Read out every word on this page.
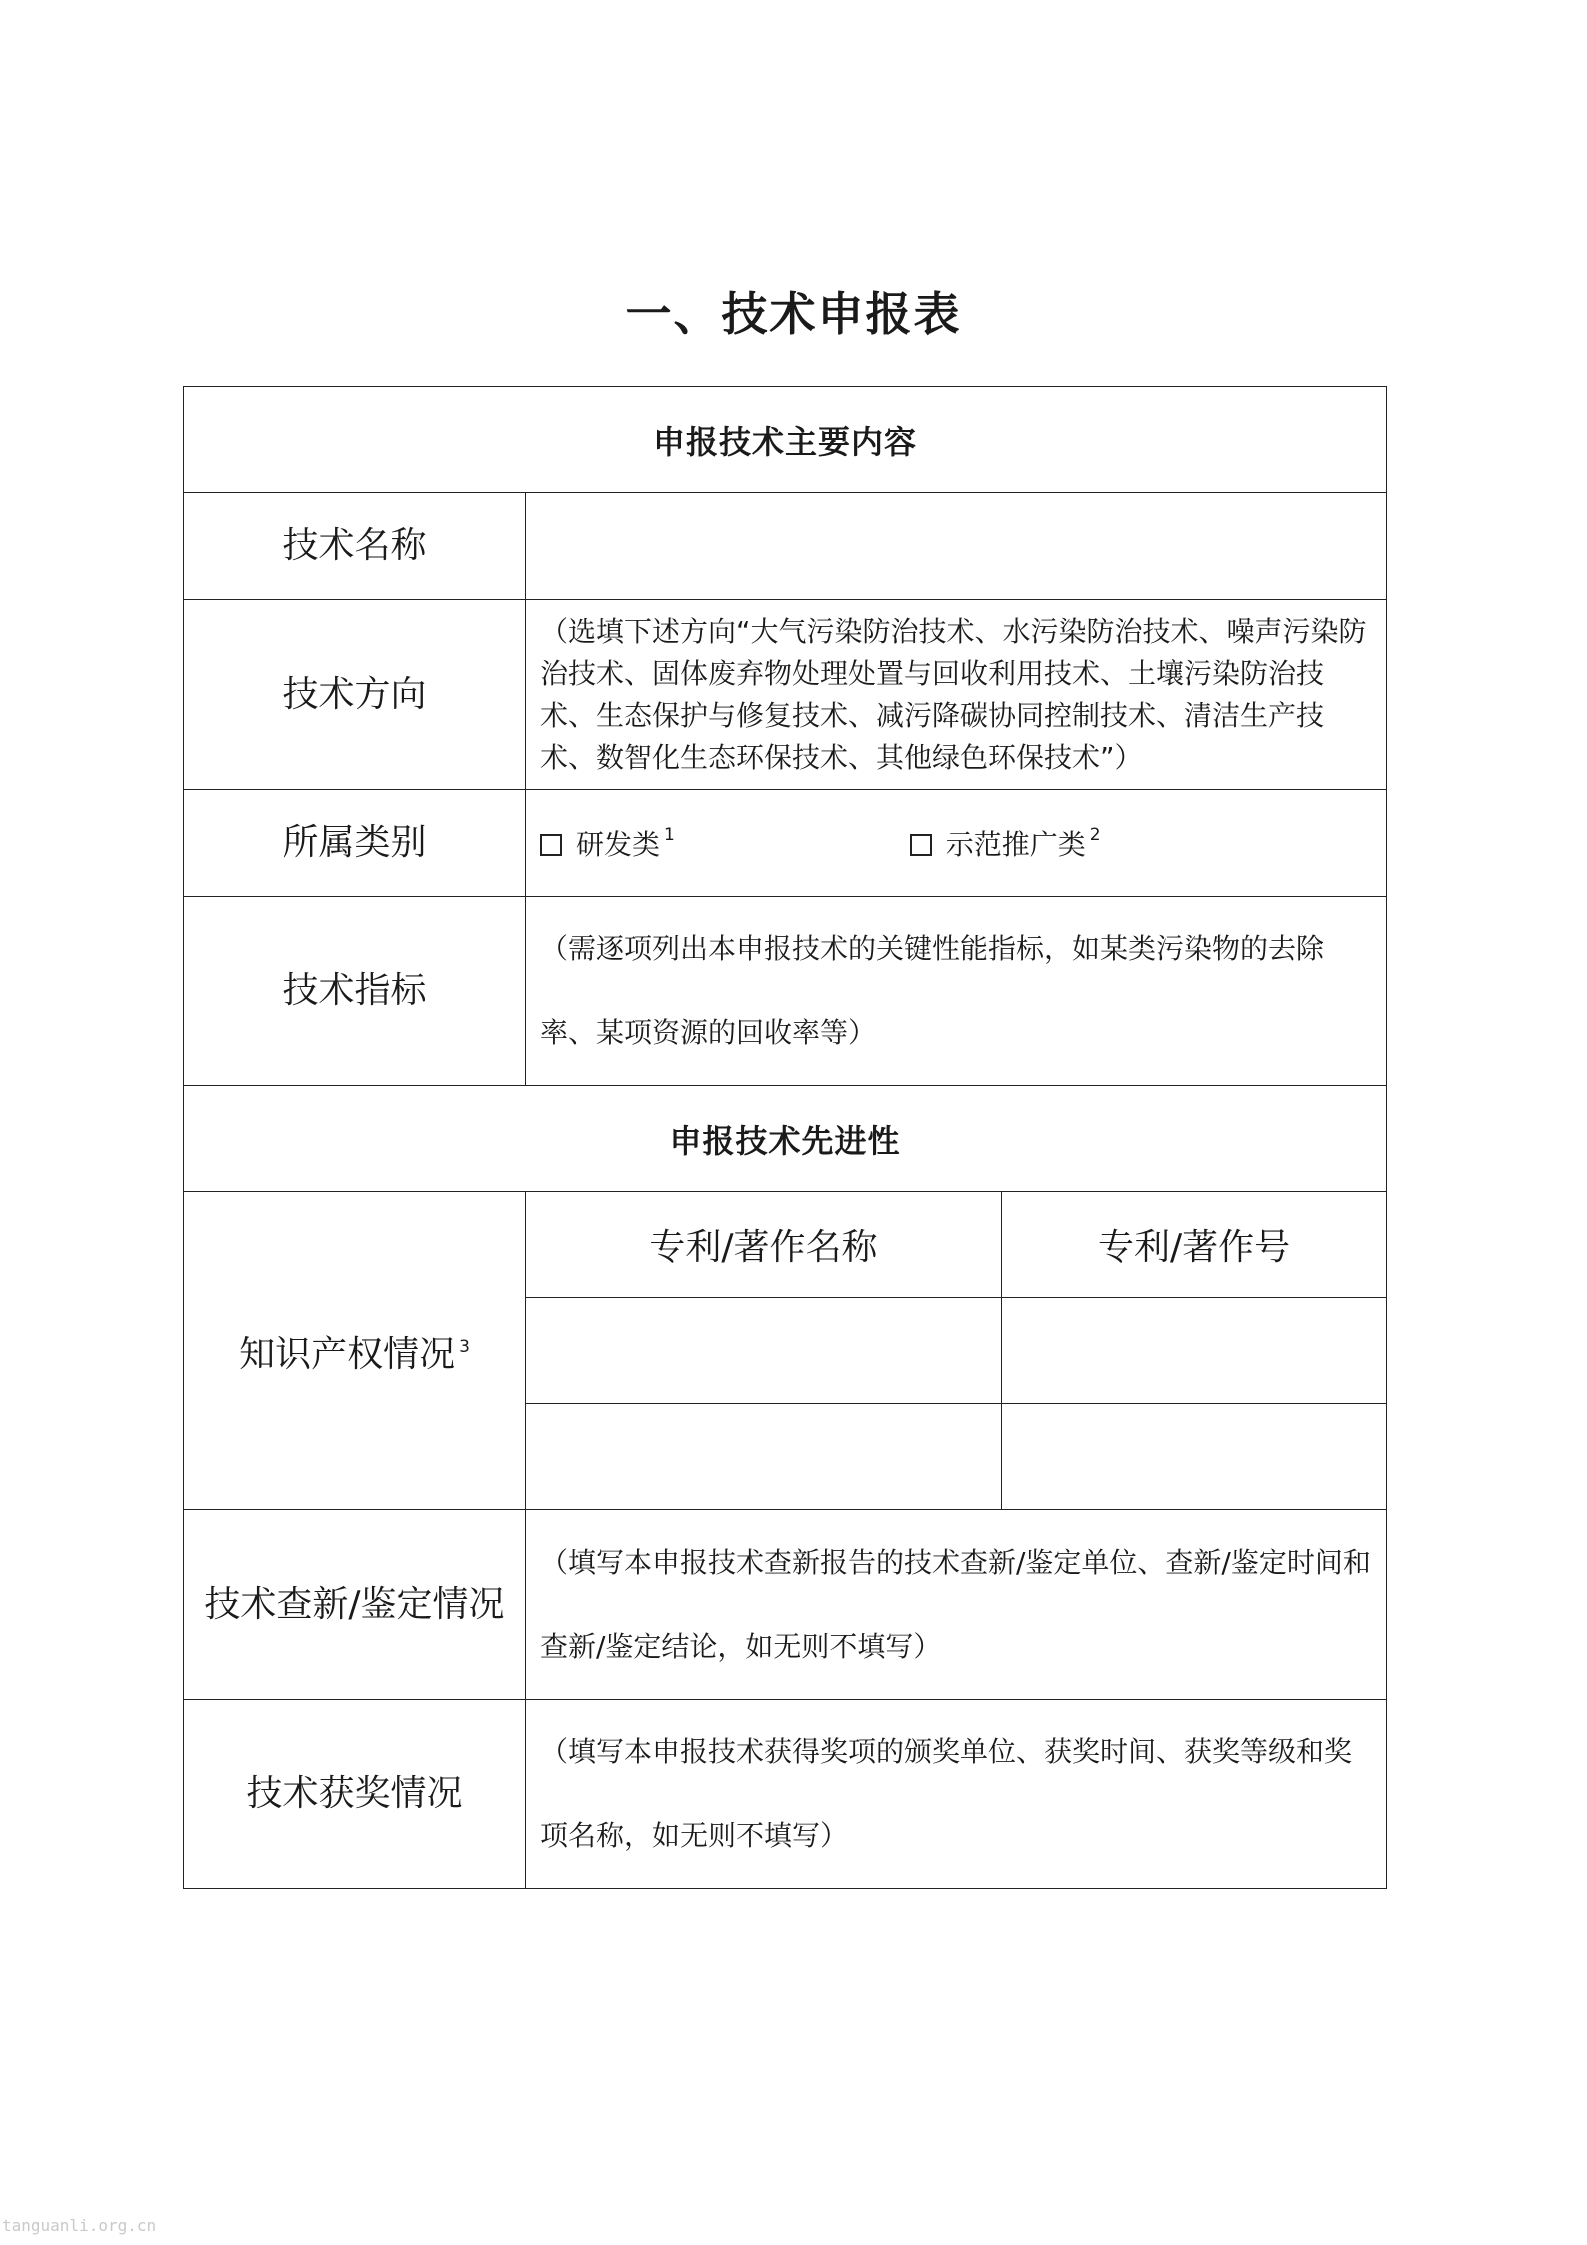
一、技术申报表
申报技术主要内容		
技术名称		
技术方向	（选填下述方向“大气污染防治技术、水污染防治技术、噪声污染防治技术、固体废弃物处理处置与回收利用技术、土壤污染防治技术、生态保护与修复技术、减污降碳协同控制技术、清洁生产技术、数智化生态环保技术、其他绿色环保技术”）	
所属类别	研发类 $^1$ 示范推广类 $^2$
技术指标	（需逐项列出本申报技术的关键性能指标，如某类污染物的去除率、某项资源的回收率等）	
申报技术先进性		
知识产权情况 $^3$	专利/著作名称	专利/著作号

技术查新/鉴定情况	（填写本申报技术查新报告的技术查新/鉴定单位、查新/鉴定时间和查新/鉴定结论，如无则不填写）	
技术获奖情况	（填写本申报技术获得奖项的颁奖单位、获奖时间、获奖等级和奖项名称，如无则不填写）	
tanguanli.org.cn
